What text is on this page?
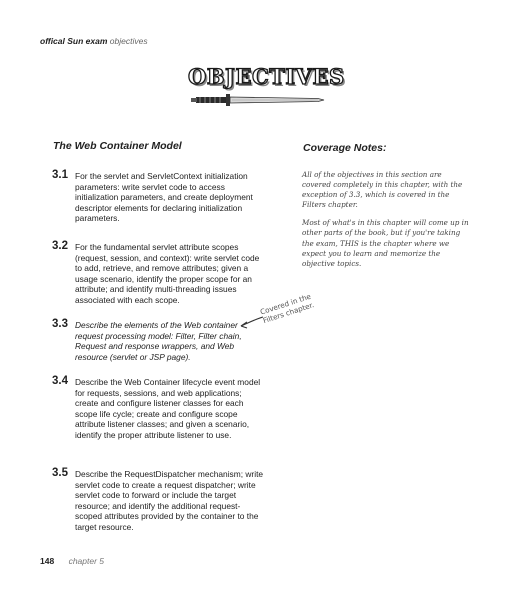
offical Sun exam objectives
OBJECTIVES
The Web Container Model	Coverage Notes:
3.1 For the servlet and ServletContext initialization parameters: write servlet code to access initialization parameters, and create deployment descriptor elements for declaring initialization parameters.
3.2 For the fundamental servlet attribute scopes (request, session, and context): write servlet code to add, retrieve, and remove attributes; given a usage scenario, identify the proper scope for an attribute; and identify multi-threading issues associated with each scope.
3.3 Describe the elements of the Web container request processing model: Filter, Filter chain, Request and response wrappers, and Web resource (servlet or JSP page).
3.4 Describe the Web Container lifecycle event model for requests, sessions, and web applications; create and configure listener classes for each scope life cycle; create and configure scope attribute listener classes; and given a scenario, identify the proper attribute listener to use.
3.5 Describe the RequestDispatcher mechanism; write servlet code to create a request dispatcher; write servlet code to forward or include the target resource; and identify the additional request-scoped attributes provided by the container to the target resource.

All of the objectives in this section are covered completely in this chapter, with the exception of 3.3, which is covered in the Filters chapter.

Most of what's in this chapter will come up in other parts of the book, but if you're taking the exam, THIS is the chapter where we expect you to learn and memorize the objective topics.

Covered in the Filters chapter.
148 chapter 5
